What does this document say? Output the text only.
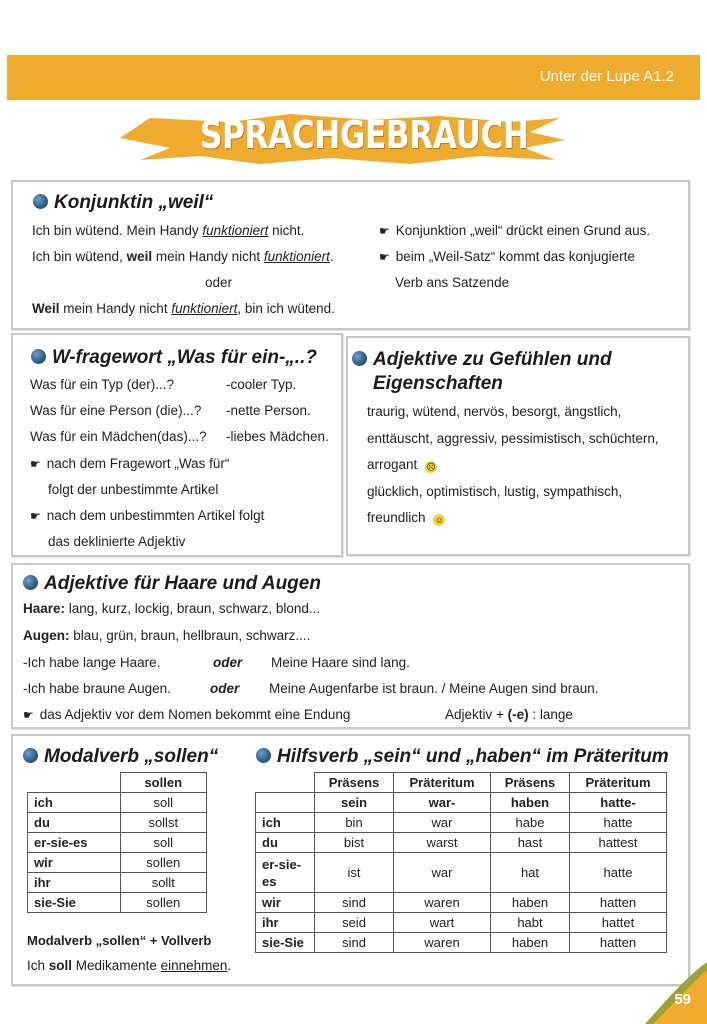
Unter der Lupe A1.2
SPRACHGEBRAUCH
Konjunktin „weil“
Ich bin wütend. Mein Handy funktioniert nicht.
Ich bin wütend, weil mein Handy nicht funktioniert.
oder
Weil mein Handy nicht funktioniert, bin ich wütend.
☛ Konjunktion „weil“ drückt einen Grund aus.
☛ beim „Weil-Satz“ kommt das konjugierte
Verb ans Satzende
W-fragewort „Was für ein-„..?
Was für ein Typ (der)...?	-cooler Typ.
Was für eine Person (die)...? -nette Person.
Was für ein Mädchen(das)...? -liebes Mädchen.
☛ nach dem Fragewort „Was für“
folgt der unbestimmte Artikel
☛ nach dem unbestimmten Artikel folgt
das deklinierte Adjektiv
Adjektive zu Gefühlen und
Eigenschaften
traurig, wütend, nervös, besorgt, ängstlich,
enttäuscht, aggressiv, pessimistisch, schüchtern,
arrogant ☹
glücklich, optimistisch, lustig, sympathisch,
freundlich ☺
Adjektive für Haare und Augen
Haare: lang, kurz, lockig, braun, schwarz, blond...
Augen: blau, grün, braun, hellbraun, schwarz....
-Ich habe lange Haare.	oder Meine Haare sind lang.
-Ich habe braune Augen.	oder Meine Augenfarbe ist braun. / Meine Augen sind braun.
☛ das Adjektiv vor dem Nomen bekommt eine Endung	Adjektiv + (-e) : lange
Modalverb „sollen“
	sollen
ich	soll
du	sollst
er-sie-es	soll
wir	sollen
ihr	sollt
sie-Sie	sollen
Modalverb „sollen“ + Vollverb
Ich soll Medikamente einnehmen.
Hilfsverb „sein“ und „haben“ im Präteritum
	Präsens	Präteritum	Präsens	Präteritum
	sein	war-	haben	hatte-
ich	bin	war	habe	hatte
du	bist	warst	hast	hattest
er-sie-es	ist	war	hat	hatte
wir	sind	waren	haben	hatten
ihr	seid	wart	habt	hattet
sie-Sie	sind	waren	haben	hatten
59
